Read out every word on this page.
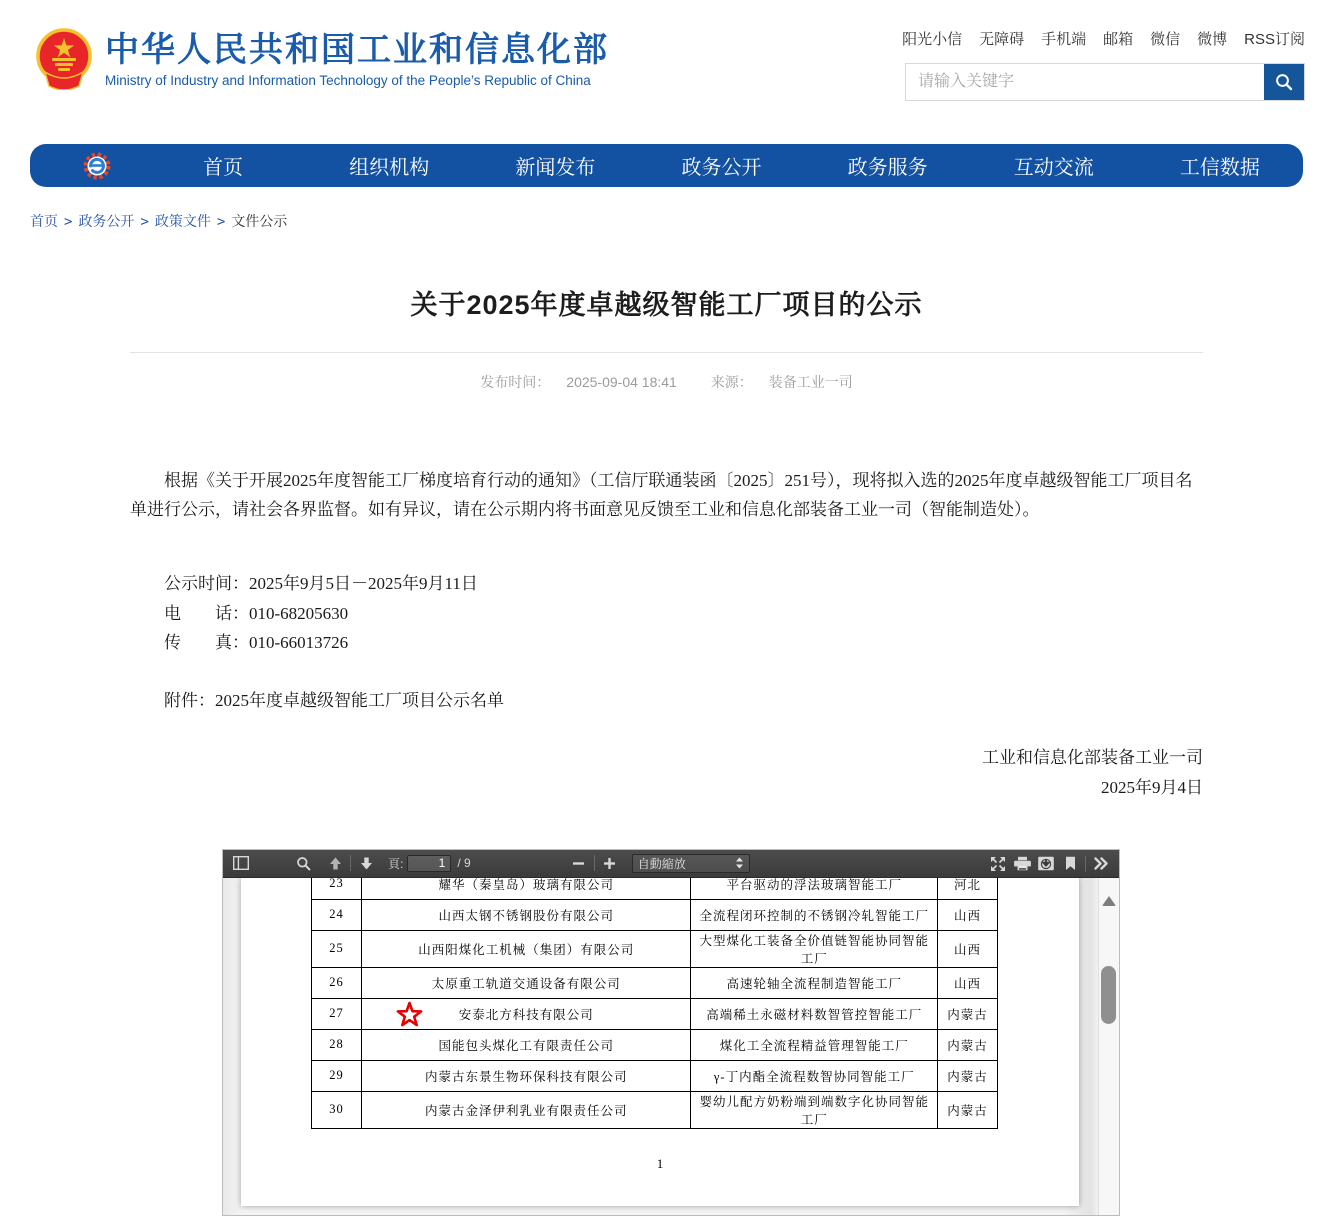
中华人民共和国工业和信息化部
Ministry of Industry and Information Technology of the People’s Republic of China
阳光小信 无障碍 手机端 邮箱 微信 微博 RSS订阅
请输入关键字
首页	组织机构	新闻发布	政务公开	政务服务	互动交流	工信数据
首页 > 政务公开 > 政策文件 > 文件公示
关于2025年度卓越级智能工厂项目的公示
发布时间： 2025-09-04 18:41 来源： 装备工业一司

根据《关于开展2025年度智能工厂梯度培育行动的通知》（工信厅联通装函〔2025〕251号），现将拟入选的2025年度卓越级智能工厂项目名单进行公示，请社会各界监督。如有异议，请在公示期内将书面意见反馈至工业和信息化部装备工业一司（智能制造处）。

公示时间：2025年9月5日－2025年9月11日
电　　话：010-68205630
传　　真：010-66013726
附件：2025年度卓越级智能工厂项目公示名单
工业和信息化部装备工业一司
2025年9月4日
頁:
1	/ 9	自動縮放
23	耀华（秦皇岛）玻璃有限公司	平台驱动的浮法玻璃智能工厂	河北
24	山西太钢不锈钢股份有限公司	全流程闭环控制的不锈钢冷轧智能工厂	山西
25	山西阳煤化工机械（集团）有限公司	大型煤化工装备全价值链智能协同智能工厂	山西
26	太原重工轨道交通设备有限公司	高速轮轴全流程制造智能工厂	山西
27	安泰北方科技有限公司	高端稀土永磁材料数智管控智能工厂	内蒙古
28	国能包头煤化工有限责任公司	煤化工全流程精益管理智能工厂	内蒙古
29	内蒙古东景生物环保科技有限公司	γ-丁内酯全流程数智协同智能工厂	内蒙古
30	内蒙古金泽伊利乳业有限责任公司	婴幼儿配方奶粉端到端数字化协同智能工厂	内蒙古
1
